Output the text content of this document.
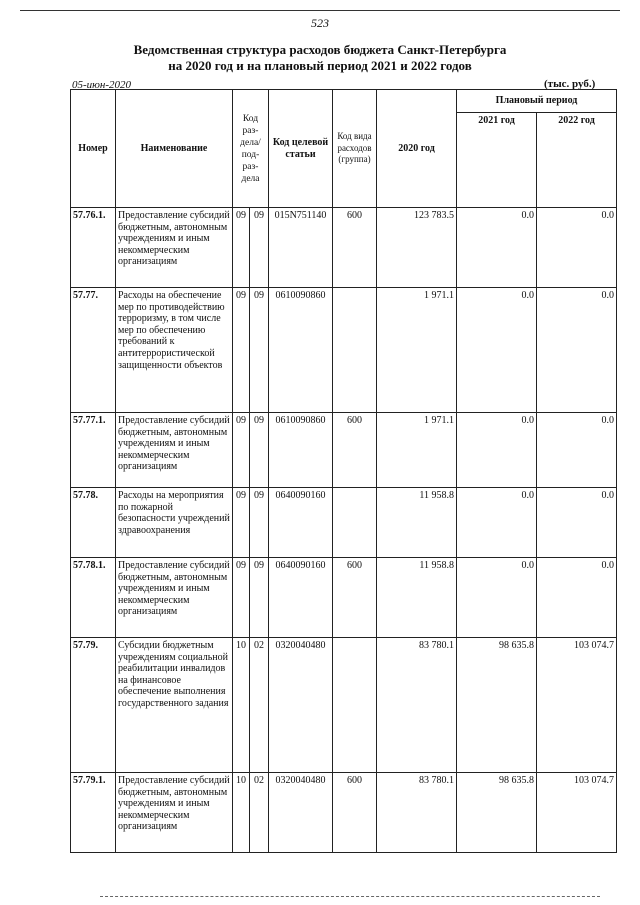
523
Ведомственная структура расходов бюджета Санкт-Петербурга
на 2020 год и на плановый период 2021 и 2022 годов
05-июн-2020	(тыс. руб.)
Номер	Наименование	Код раз-дела/ под-раз-дела		Код целевой статьи	Код вида расходов (группа)	2020 год	Плановый период	
							2021 год	2022 год
57.76.1.	Предоставление субсидий бюджетным, автономным учреждениям и иным некоммерческим организациям	09	09	015N751140	600	123 783.5	0.0	0.0
57.77.	Расходы на обеспечение мер по противодействию терроризму, в том числе мер по обеспечению требований к антитеррористической защищенности объектов	09	09	0610090860		1 971.1	0.0	0.0
57.77.1.	Предоставление субсидий бюджетным, автономным учреждениям и иным некоммерческим организациям	09	09	0610090860	600	1 971.1	0.0	0.0
57.78.	Расходы на мероприятия по пожарной безопасности учреждений здравоохранения	09	09	0640090160		11 958.8	0.0	0.0
57.78.1.	Предоставление субсидий бюджетным, автономным учреждениям и иным некоммерческим организациям	09	09	0640090160	600	11 958.8	0.0	0.0
57.79.	Субсидии бюджетным учреждениям социальной реабилитации инвалидов на финансовое обеспечение выполнения государственного задания	10	02	0320040480		83 780.1	98 635.8	103 074.7
57.79.1.	Предоставление субсидий бюджетным, автономным учреждениям и иным некоммерческим организациям	10	02	0320040480	600	83 780.1	98 635.8	103 074.7
